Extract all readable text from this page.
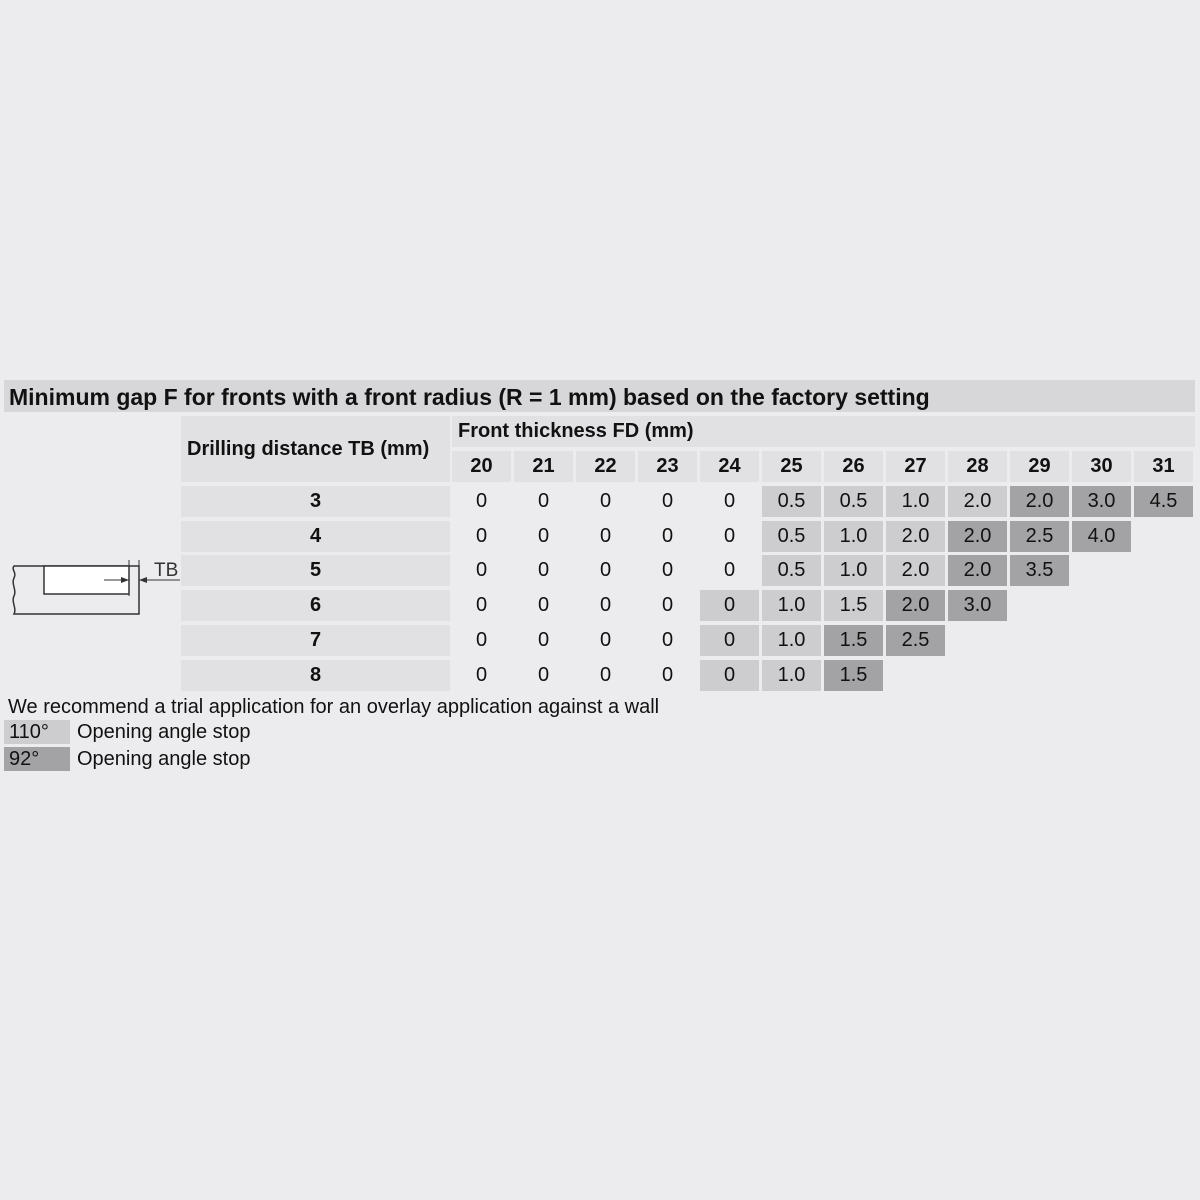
Minimum gap F for fronts with a front radius (R = 1 mm) based on the factory setting
Drilling distance TB (mm)
Front thickness FD (mm)
20	21	22	23	24	25	26	27	28	29	30	31
3	0	0	0	0	0	0.5	0.5	1.0	2.0	2.0	3.0	4.5
4	0	0	0	0	0	0.5	1.0	2.0	2.0	2.5	4.0
5	0	0	0	0	0	0.5	1.0	2.0	2.0	3.5
6	0	0	0	0	0	1.0	1.5	2.0	3.0
7	0	0	0	0	0	1.0	1.5	2.5
8	0	0	0	0	0	1.0	1.5
TB
We recommend a trial application for an overlay application against a wall
110°	Opening angle stop
92°	Opening angle stop
